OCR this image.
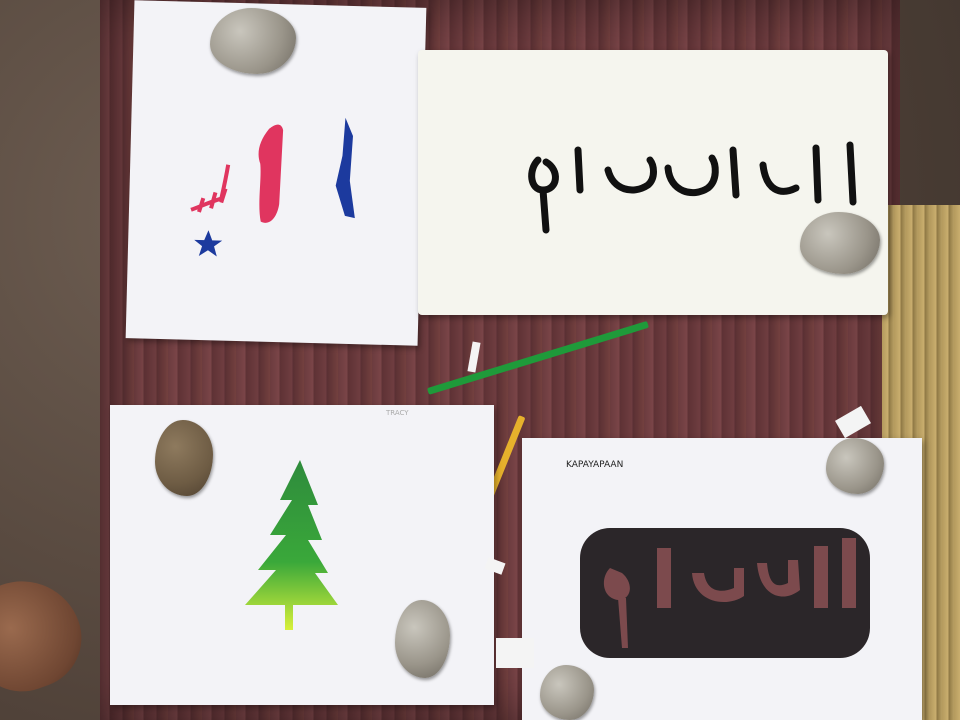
TRACY
KAPAYAPAAN
